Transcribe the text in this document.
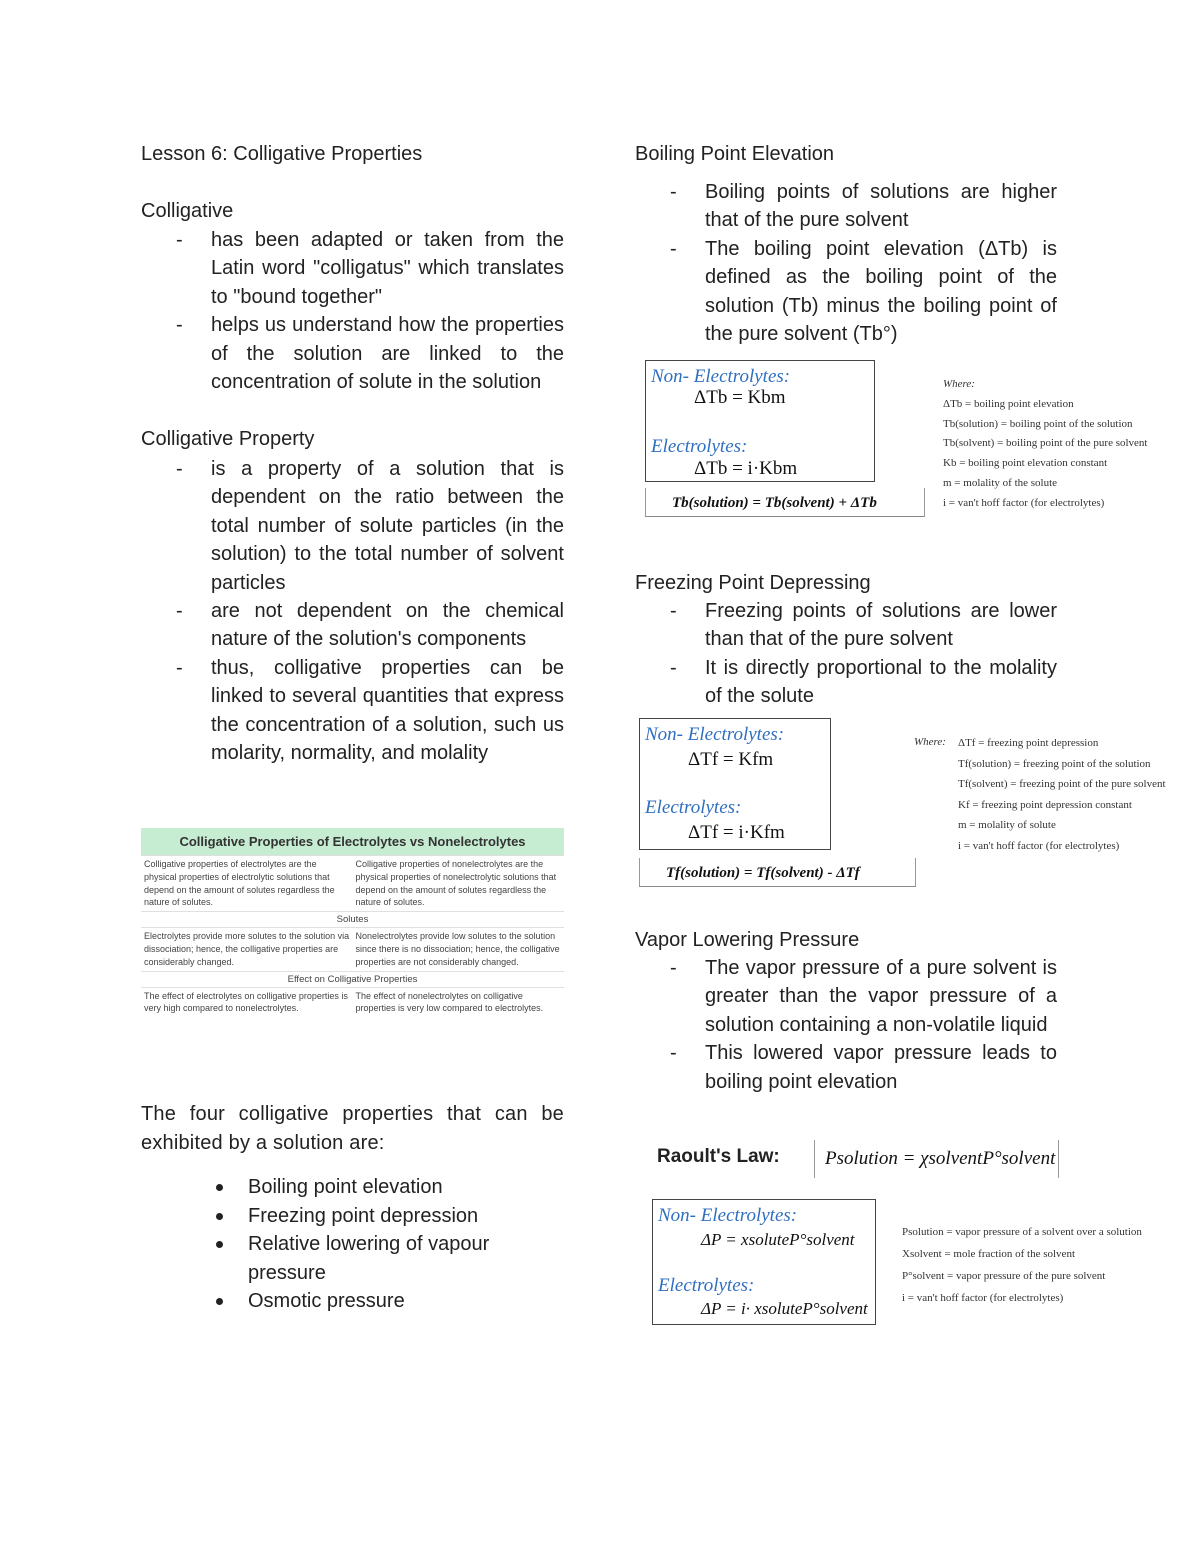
Lesson 6: Colligative Properties
Colligative
- has been adapted or taken from the Latin word "colligatus" which translates to "bound together"
- helps us understand how the properties of the solution are linked to the concentration of solute in the solution
Colligative Property
- is a property of a solution that is dependent on the ratio between the total number of solute particles (in the solution) to the total number of solvent particles
- are not dependent on the chemical nature of the solution's components
- thus, colligative properties can be linked to several quantities that express the concentration of a solution, such us molarity, normality, and molality
Colligative Properties of Electrolytes vs Nonelectrolytes
Colligative properties of electrolytes are the physical properties of electrolytic solutions that depend on the amount of solutes regardless the nature of solutes.
Colligative properties of nonelectrolytes are the physical properties of nonelectrolytic solutions that depend on the amount of solutes regardless the nature of solutes.
Solutes
Electrolytes provide more solutes to the solution via dissociation; hence, the colligative properties are considerably changed.
Nonelectrolytes provide low solutes to the solution since there is no dissociation; hence, the colligative properties are not considerably changed.
Effect on Colligative Properties
The effect of electrolytes on colligative properties is very high compared to nonelectrolytes.
The effect of nonelectrolytes on colligative properties is very low compared to electrolytes.
The four colligative properties that can be exhibited by a solution are:
Boiling point elevation
Freezing point depression
Relative lowering of vapour pressure
Osmotic pressure
Boiling Point Elevation
- Boiling points of solutions are higher that of the pure solvent
- The boiling point elevation (ΔTb) is defined as the boiling point of the solution (Tb) minus the boiling point of the pure solvent (Tb°)
Non- Electrolytes:
ΔTb = Kbm
Electrolytes:
ΔTb = i·Kbm
Tb(solution) = Tb(solvent) + ΔTb
Where:
ΔTb = boiling point elevation
Tb(solution) = boiling point of the solution
Tb(solvent) = boiling point of the pure solvent
Kb = boiling point elevation constant
m = molality of the solute
i = van't hoff factor (for electrolytes)
Freezing Point Depressing
- Freezing points of solutions are lower than that of the pure solvent
- It is directly proportional to the molality of the solute
Non- Electrolytes:
ΔTf = Kfm
Electrolytes:
ΔTf = i·Kfm
Tf(solution) = Tf(solvent) - ΔTf
Where:	ΔTf = freezing point depression
Tf(solution) = freezing point of the solution
Tf(solvent) = freezing point of the pure solvent
Kf = freezing point depression constant
m = molality of solute
i = van't hoff factor (for electrolytes)
Vapor Lowering Pressure
- The vapor pressure of a pure solvent is greater than the vapor pressure of a solution containing a non-volatile liquid
- This lowered vapor pressure leads to boiling point elevation
Raoult's Law: Psolution = χsolventP°solvent
Non- Electrolytes:
ΔP = xsoluteP°solvent
Electrolytes:
ΔP = i· xsoluteP°solvent
Psolution = vapor pressure of a solvent over a solution
Xsolvent = mole fraction of the solvent
P°solvent = vapor pressure of the pure solvent
i = van't hoff factor (for electrolytes)
